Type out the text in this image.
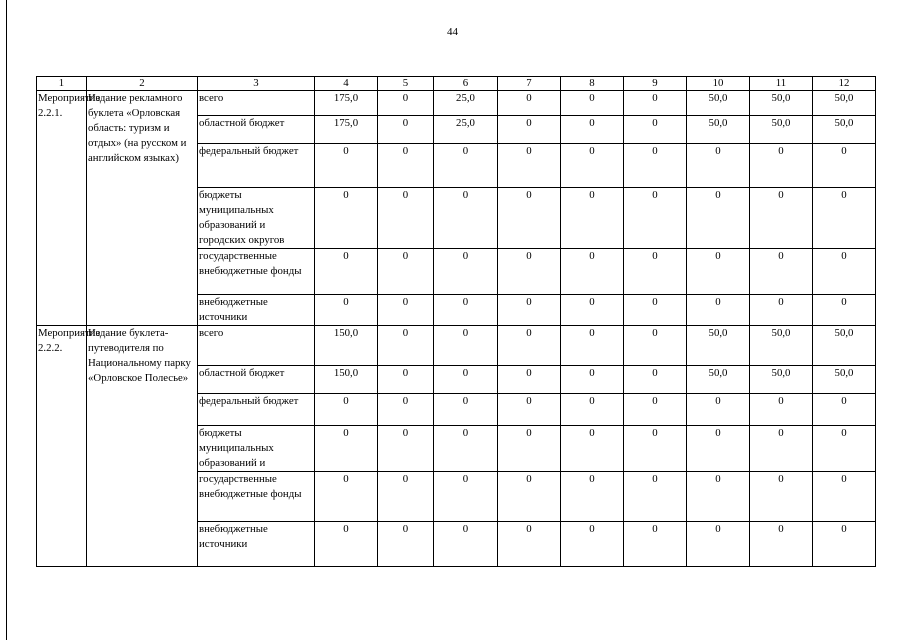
44
1	2	3	4	5	6	7	8	9	10	11	12
Мероприятие 2.2.1.	Издание рекламного буклета «Орловская область: туризм и отдых» (на русском и английском языках)	всего	175,0	0	25,0	0	0	0	50,0	50,0	50,0
		областной бюджет	175,0	0	25,0	0	0	0	50,0	50,0	50,0
		федеральный бюджет	0	0	0	0	0	0	0	0	0
		бюджеты муниципальных образований и городских округов	0	0	0	0	0	0	0	0	0
		государственные внебюджетные фонды	0	0	0	0	0	0	0	0	0
		внебюджетные источники	0	0	0	0	0	0	0	0	0
Мероприятие 2.2.2.	Издание буклета-путеводителя по Национальному парку «Орловское Полесье»	всего	150,0	0	0	0	0	0	50,0	50,0	50,0
		областной бюджет	150,0	0	0	0	0	0	50,0	50,0	50,0
		федеральный бюджет	0	0	0	0	0	0	0	0	0
		бюджеты муниципальных образований и	0	0	0	0	0	0	0	0	0
		государственные внебюджетные фонды	0	0	0	0	0	0	0	0	0
		внебюджетные источники	0	0	0	0	0	0	0	0	0
